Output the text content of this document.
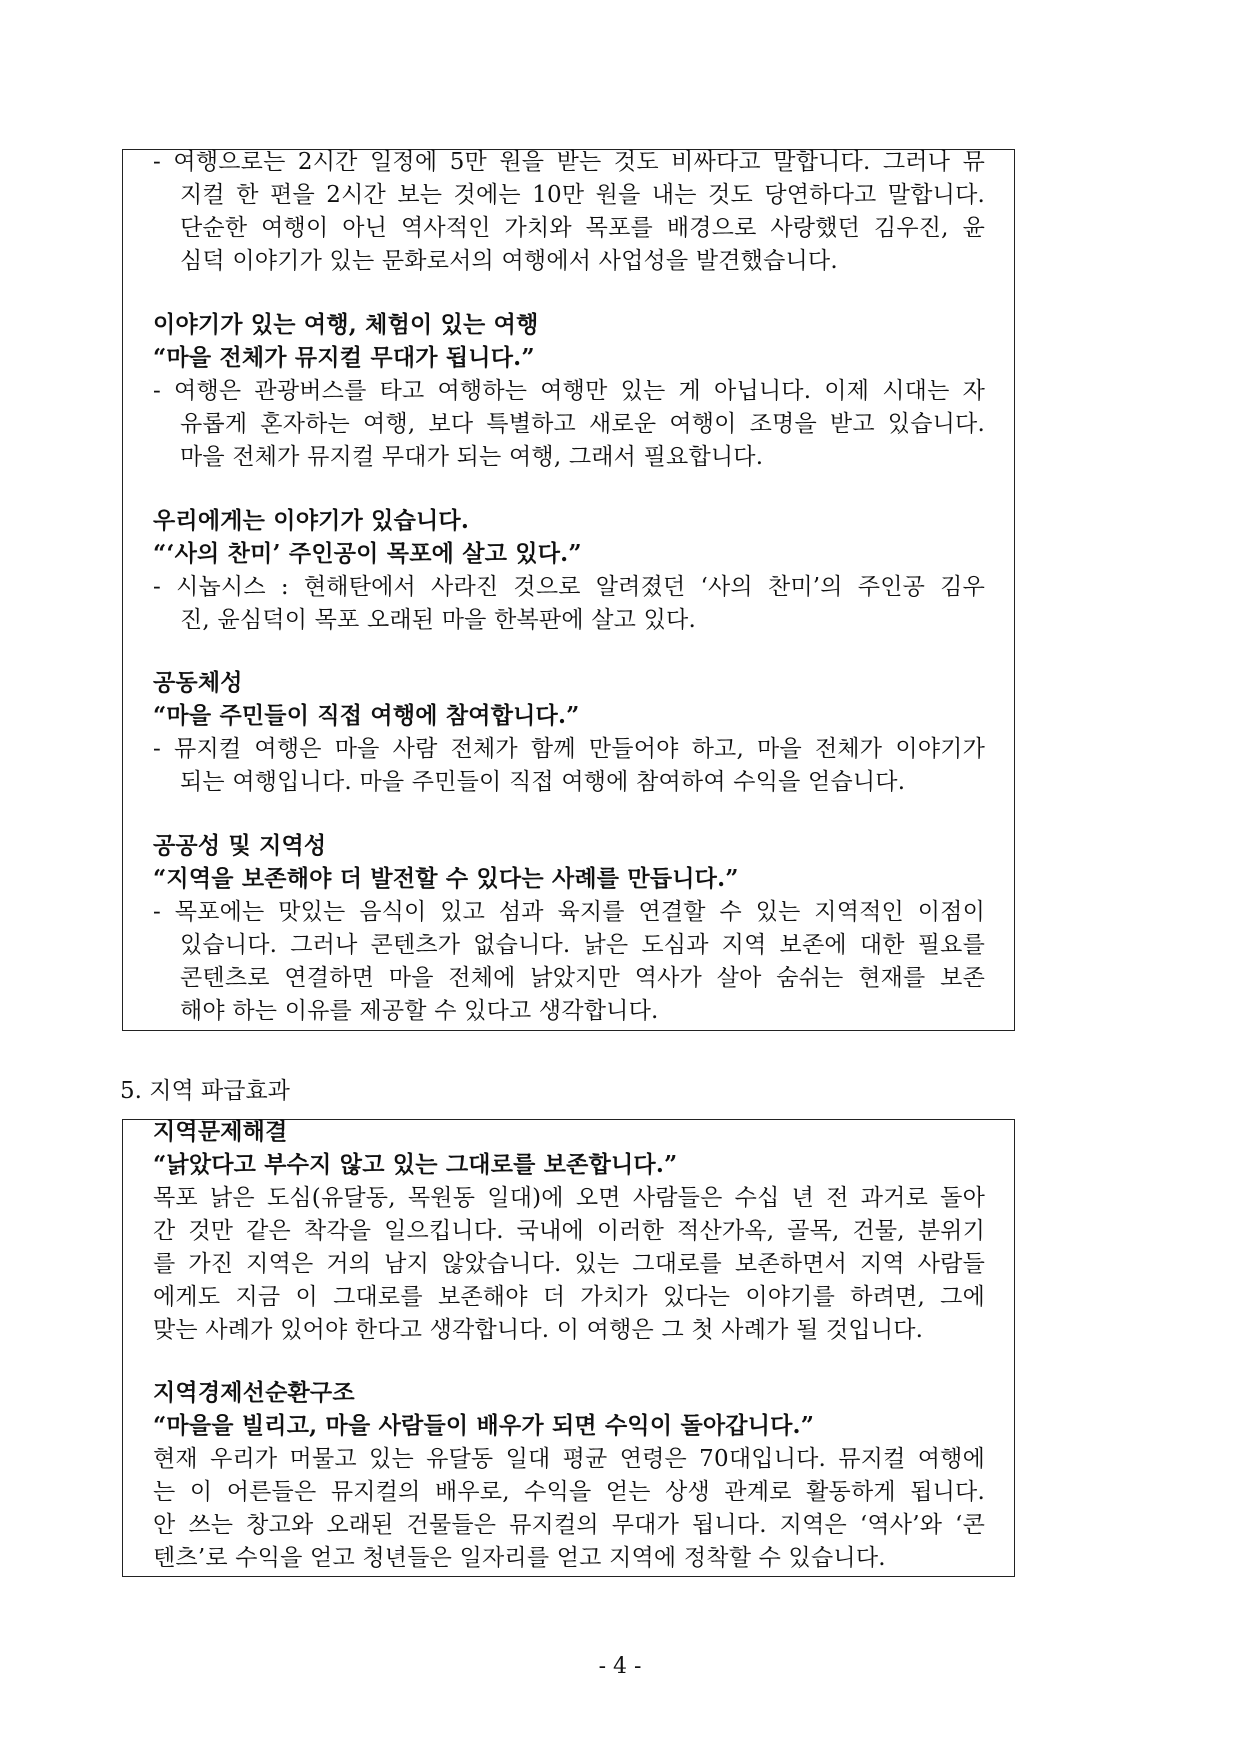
- 여행으로는 2시간 일정에 5만 원을 받는 것도 비싸다고 말합니다. 그러나 뮤
지컬 한 편을 2시간 보는 것에는 10만 원을 내는 것도 당연하다고 말합니다.
단순한 여행이 아닌 역사적인 가치와 목포를 배경으로 사랑했던 김우진, 윤
심덕 이야기가 있는 문화로서의 여행에서 사업성을 발견했습니다.
이야기가 있는 여행, 체험이 있는 여행
“마을 전체가 뮤지컬 무대가 됩니다.”
- 여행은 관광버스를 타고 여행하는 여행만 있는 게 아닙니다. 이제 시대는 자
유롭게 혼자하는 여행, 보다 특별하고 새로운 여행이 조명을 받고 있습니다.
마을 전체가 뮤지컬 무대가 되는 여행, 그래서 필요합니다.
우리에게는 이야기가 있습니다.
“‘사의 찬미’ 주인공이 목포에 살고 있다.”
- 시놉시스 : 현해탄에서 사라진 것으로 알려졌던 ‘사의 찬미’의 주인공 김우
진, 윤심덕이 목포 오래된 마을 한복판에 살고 있다.
공동체성
“마을 주민들이 직접 여행에 참여합니다.”
- 뮤지컬 여행은 마을 사람 전체가 함께 만들어야 하고, 마을 전체가 이야기가
되는 여행입니다. 마을 주민들이 직접 여행에 참여하여 수익을 얻습니다.
공공성 및 지역성
“지역을 보존해야 더 발전할 수 있다는 사례를 만듭니다.”
- 목포에는 맛있는 음식이 있고 섬과 육지를 연결할 수 있는 지역적인 이점이
있습니다. 그러나 콘텐츠가 없습니다. 낡은 도심과 지역 보존에 대한 필요를
콘텐츠로 연결하면 마을 전체에 낡았지만 역사가 살아 숨쉬는 현재를 보존
해야 하는 이유를 제공할 수 있다고 생각합니다.
5. 지역 파급효과
지역문제해결
“낡았다고 부수지 않고 있는 그대로를 보존합니다.”
목포 낡은 도심(유달동, 목원동 일대)에 오면 사람들은 수십 년 전 과거로 돌아
간 것만 같은 착각을 일으킵니다. 국내에 이러한 적산가옥, 골목, 건물, 분위기
를 가진 지역은 거의 남지 않았습니다. 있는 그대로를 보존하면서 지역 사람들
에게도 지금 이 그대로를 보존해야 더 가치가 있다는 이야기를 하려면, 그에
맞는 사례가 있어야 한다고 생각합니다. 이 여행은 그 첫 사례가 될 것입니다.
지역경제선순환구조
“마을을 빌리고, 마을 사람들이 배우가 되면 수익이 돌아갑니다.”
현재 우리가 머물고 있는 유달동 일대 평균 연령은 70대입니다. 뮤지컬 여행에
는 이 어른들은 뮤지컬의 배우로, 수익을 얻는 상생 관계로 활동하게 됩니다.
안 쓰는 창고와 오래된 건물들은 뮤지컬의 무대가 됩니다. 지역은 ‘역사’와 ‘콘
텐츠’로 수익을 얻고 청년들은 일자리를 얻고 지역에 정착할 수 있습니다.
- 4 -
